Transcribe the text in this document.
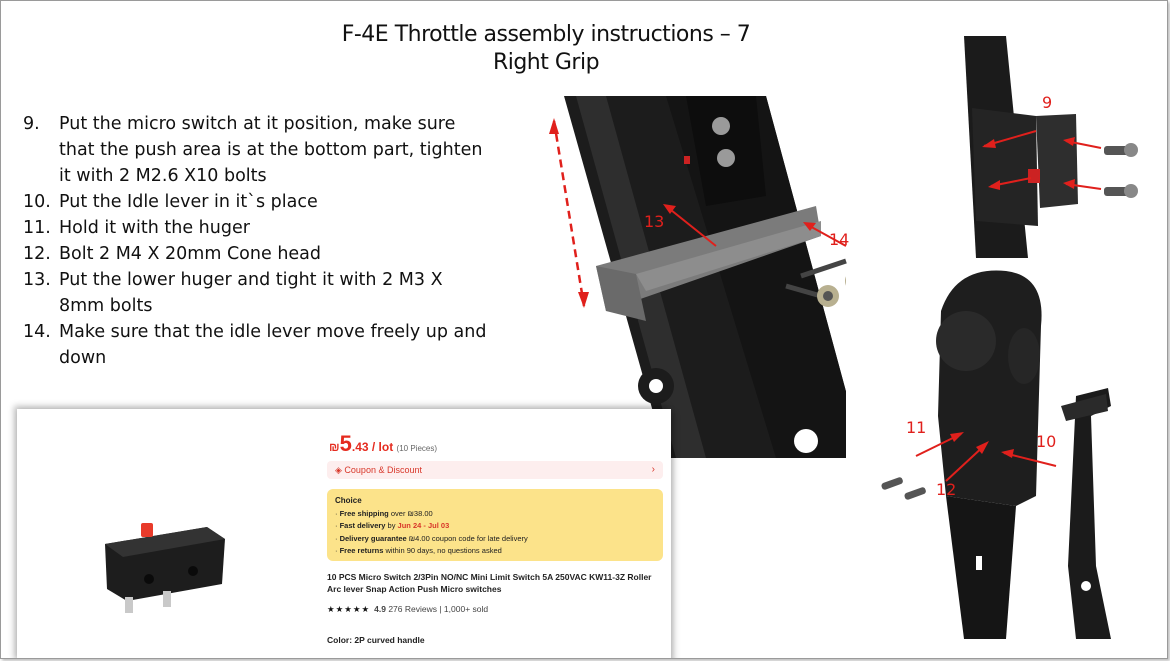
F-4E Throttle assembly instructions – 7
Right Grip
9.	Put the micro switch at it position, make sure that the push area is at the bottom part, tighten it with 2 M2.6 X10 bolts
10. Put the Idle lever in it`s place
11. Hold it with the huger
12. Bolt 2 M4 X 20mm Cone head
13. Put the lower huger and tight it with 2 M3 X 8mm bolts
14. Make sure that the idle lever move freely up and down
13
14
9
11
10
12
₪5.43 / lot (10 Pieces)
◈ Coupon & Discount	›
Choice
· Free shipping over ₪38.00
· Fast delivery by Jun 24 - Jul 03
· Delivery guarantee ₪4.00 coupon code for late delivery
· Free returns within 90 days, no questions asked
10 PCS Micro Switch 2/3Pin NO/NC Mini Limit Switch 5A 250VAC KW11-3Z Roller Arc lever Snap Action Push Micro switches
★★★★★ 4.9 276 Reviews | 1,000+ sold
Color: 2P curved handle
